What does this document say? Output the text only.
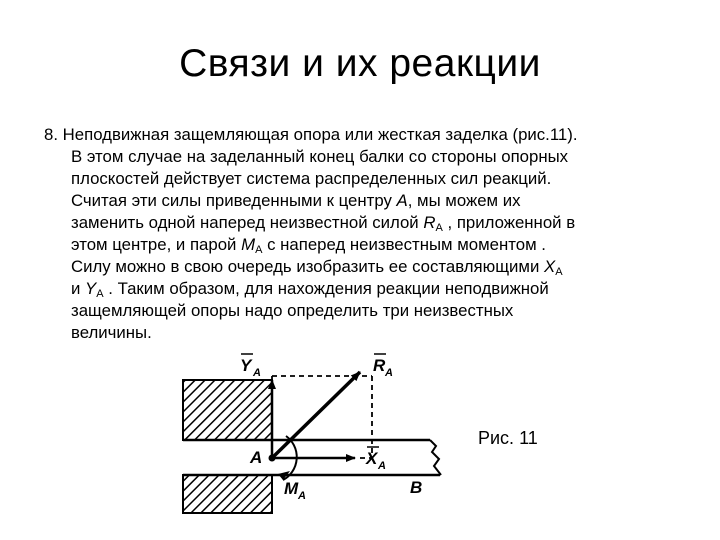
Связи и их реакции
8. Неподвижная защемляющая опора или жесткая заделка (рис.11).
В этом случае на заделанный конец балки со стороны опорных
плоскостей действует система распределенных сил реакций.
Считая эти силы приведенными к центру A, мы можем их
заменить одной наперед неизвестной силой $R_A$ , приложенной в
этом центре, и парой $M_A$ с наперед неизвестным моментом .
Силу можно в свою очередь изобразить ее составляющими $X_A$
и $Y_A$ . Таким образом, для нахождения реакции неподвижной
защемляющей опоры надо определить три неизвестных
величины.
Y A	R A
X A
A
M A	B
Рис. 11
